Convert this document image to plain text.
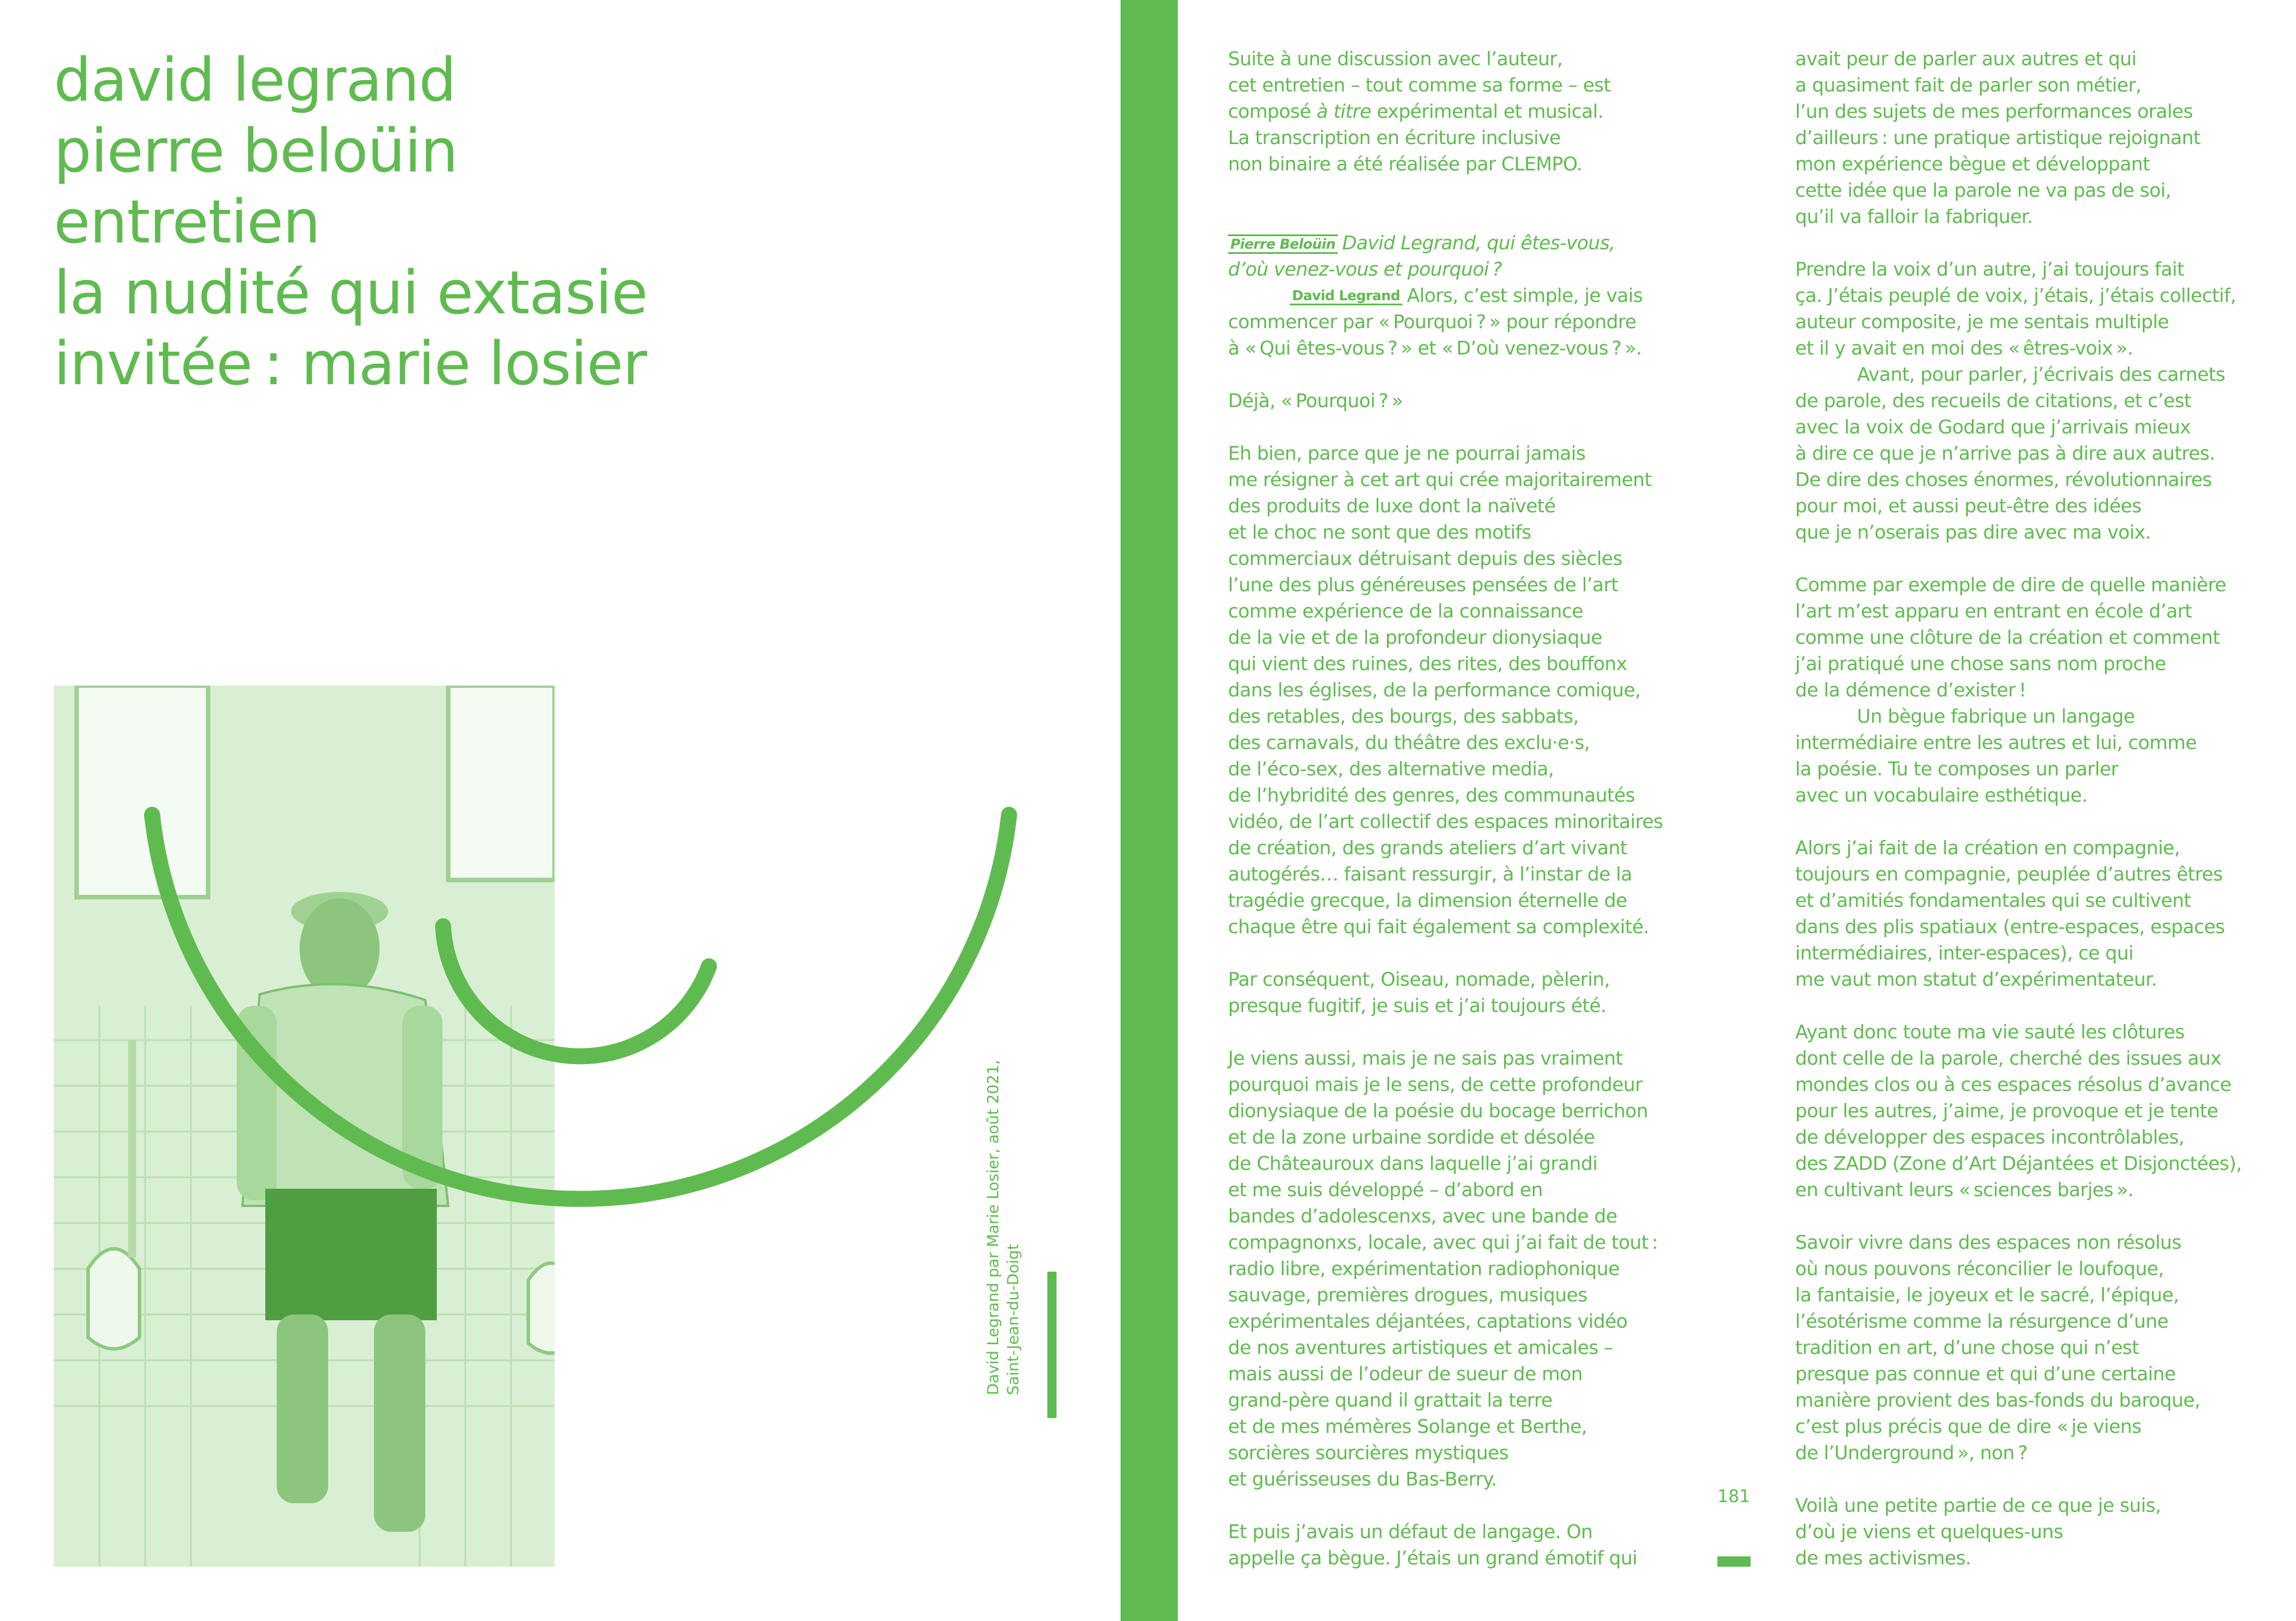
david legrand
pierre beloüin
entretien
la nudité qui extasie
invitée : marie losier
David Legrand par Marie Losier, août 2021, Saint-Jean-du-Doigt

Suite à une discussion avec l’auteur,
cet entretien – tout comme sa forme – est
composé à titre expérimental et musical.
La transcription en écriture inclusive
non binaire a été réalisée par CLEMPO.

Pierre Beloüin David Legrand, qui êtes-vous,
d’où venez-vous et pourquoi ?
David Legrand Alors, c’est simple, je vais
commencer par « Pourquoi ? » pour répondre
à « Qui êtes-vous ? » et « D’où venez-vous ? ».

Déjà, « Pourquoi ? »

Eh bien, parce que je ne pourrai jamais
me résigner à cet art qui crée majoritairement
des produits de luxe dont la naïveté
et le choc ne sont que des motifs
commerciaux détruisant depuis des siècles
l’une des plus généreuses pensées de l’art
comme expérience de la connaissance
de la vie et de la profondeur dionysiaque
qui vient des ruines, des rites, des bouffonx
dans les églises, de la performance comique,
des retables, des bourgs, des sabbats,
des carnavals, du théâtre des exclu·e·s,
de l’éco-sex, des alternative media,
de l’hybridité des genres, des communautés
vidéo, de l’art collectif des espaces minoritaires
de création, des grands ateliers d’art vivant
autogérés… faisant ressurgir, à l’instar de la
tragédie grecque, la dimension éternelle de
chaque être qui fait également sa complexité.

Par conséquent, Oiseau, nomade, pèlerin,
presque fugitif, je suis et j’ai toujours été.

Je viens aussi, mais je ne sais pas vraiment
pourquoi mais je le sens, de cette profondeur
dionysiaque de la poésie du bocage berrichon
et de la zone urbaine sordide et désolée
de Châteauroux dans laquelle j’ai grandi
et me suis développé – d’abord en
bandes d’adolescenxs, avec une bande de
compagnonxs, locale, avec qui j’ai fait de tout :
radio libre, expérimentation radiophonique
sauvage, premières drogues, musiques
expérimentales déjantées, captations vidéo
de nos aventures artistiques et amicales –
mais aussi de l’odeur de sueur de mon
grand-père quand il grattait la terre
et de mes mémères Solange et Berthe,
sorcières sourcières mystiques
et guérisseuses du Bas-Berry.

Et puis j’avais un défaut de langage. On
appelle ça bègue. J’étais un grand émotif qui

avait peur de parler aux autres et qui
a quasiment fait de parler son métier,
l’un des sujets de mes performances orales
d’ailleurs : une pratique artistique rejoignant
mon expérience bègue et développant
cette idée que la parole ne va pas de soi,
qu’il va falloir la fabriquer.

Prendre la voix d’un autre, j’ai toujours fait
ça. J’étais peuplé de voix, j’étais, j’étais collectif,
auteur composite, je me sentais multiple
et il y avait en moi des « êtres-voix ».

Avant, pour parler, j’écrivais des carnets
de parole, des recueils de citations, et c’est
avec la voix de Godard que j’arrivais mieux
à dire ce que je n’arrive pas à dire aux autres.
De dire des choses énormes, révolutionnaires
pour moi, et aussi peut-être des idées
que je n’oserais pas dire avec ma voix.

Comme par exemple de dire de quelle manière
l’art m’est apparu en entrant en école d’art
comme une clôture de la création et comment
j’ai pratiqué une chose sans nom proche
de la démence d’exister !

Un bègue fabrique un langage
intermédiaire entre les autres et lui, comme
la poésie. Tu te composes un parler
avec un vocabulaire esthétique.

Alors j’ai fait de la création en compagnie,
toujours en compagnie, peuplée d’autres êtres
et d’amitiés fondamentales qui se cultivent
dans des plis spatiaux (entre-espaces, espaces
intermédiaires, inter-espaces), ce qui
me vaut mon statut d’expérimentateur.

Ayant donc toute ma vie sauté les clôtures
dont celle de la parole, cherché des issues aux
mondes clos ou à ces espaces résolus d’avance
pour les autres, j’aime, je provoque et je tente
de développer des espaces incontrôlables,
des ZADD (Zone d’Art Déjantées et Disjonctées),
en cultivant leurs « sciences barjes ».

Savoir vivre dans des espaces non résolus
où nous pouvons réconcilier le loufoque,
la fantaisie, le joyeux et le sacré, l’épique,
l’ésotérisme comme la résurgence d’une
tradition en art, d’une chose qui n’est
presque pas connue et qui d’une certaine
manière provient des bas-fonds du baroque,
c’est plus précis que de dire « je viens
de l’Underground », non ?

Voilà une petite partie de ce que je suis,
d’où je viens et quelques-uns
de mes activismes.

181
